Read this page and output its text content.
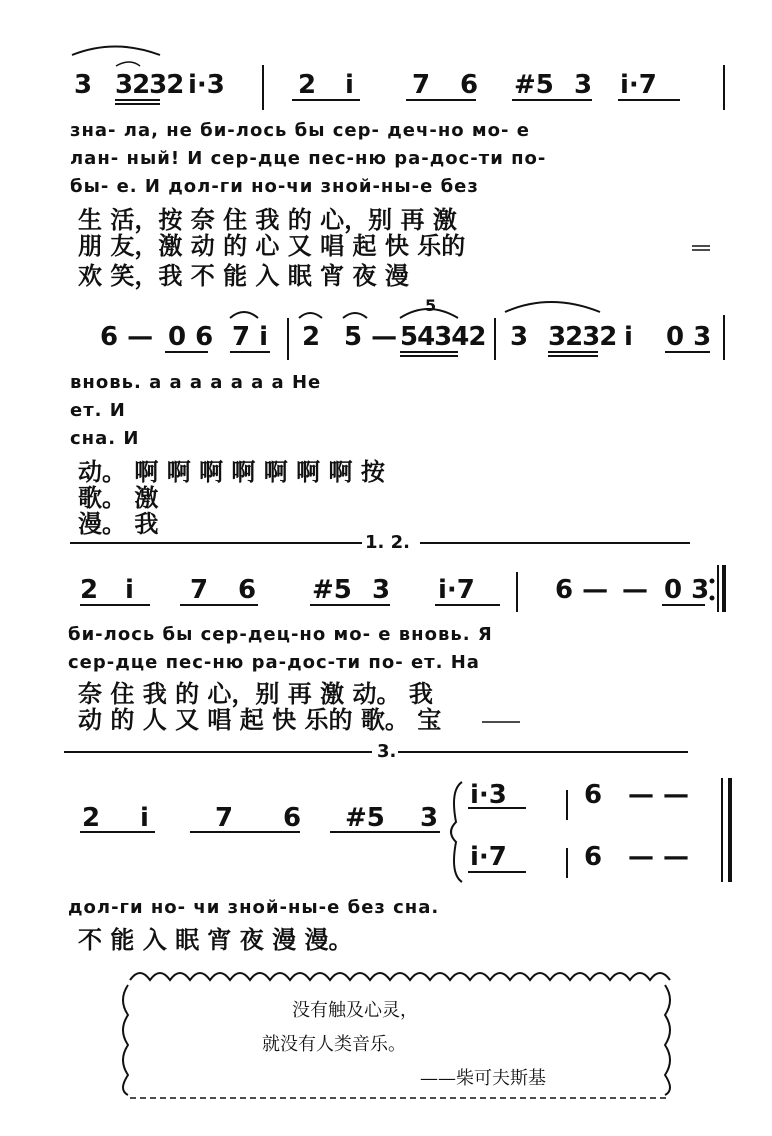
3 3232 i·3	2 i 7 6 #5 3 i·7
зна- ла, не би-лось бы сер- деч-но мо- е
лан- ный! И сер-дце пес-ню ра-дос-ти по-
бы- е. И дол-ги но-чи зной-ны-е без
生 活，按 奈 住 我 的 心，别 再 激
朋 友，激 动 的 心 又 唱 起 快 乐的
欢 笑，我 不 能 入 眠 宵 夜 漫
6 — 0 6 7 i 2 5 — 54342
5
3 3232 i 0 3
вновь. а а а а а а а Не
ет. И
сна. И
动。 啊 啊 啊 啊 啊 啊 啊 按
歌。 激
漫。 我
1. 2.
2 i 7 6 #5 3 i·7	6 — — 0 3
би-лось бы сер-дец-но мо- е вновь. Я
сер-дце пес-ню ра-дос-ти по- ет. На
奈 住 我 的 心，别 再 激 动。 我
动 的 人 又 唱 起 快 乐的 歌。 宝
3.
2 i	7 6 #5 3
i·3
i·7
6 — —
6 — —
дол-ги но- чи зной-ны-е без сна.
不 能 入 眠 宵 夜 漫 漫。
没有触及心灵，
就没有人类音乐。
——柴可夫斯基
